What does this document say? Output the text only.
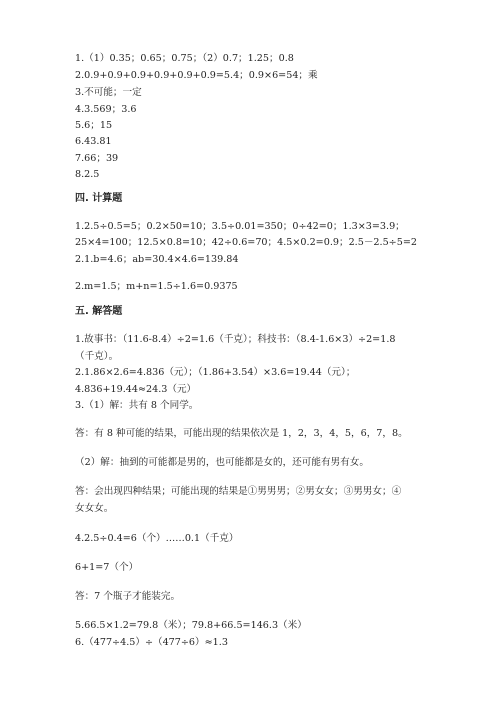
1.（1）0.35；0.65；0.75；（2）0.7；1.25；0.8

2.0.9+0.9+0.9+0.9+0.9+0.9=5.4；0.9×6=54；乘

3.不可能；一定

4.3.569；3.6

5.6；15

6.43.81

7.66；39

8.2.5

四. 计算题

1.2.5÷0.5=5；0.2×50=10；3.5÷0.01=350；0÷42=0；1.3×3=3.9；

25×4=100；12.5×0.8=10；42÷0.6=70；4.5×0.2=0.9；2.5－2.5÷5=2

2.1.b=4.6；ab=30.4×4.6=139.84

2.m=1.5；m+n=1.5÷1.6=0.9375

五. 解答题

1.故事书：（11.6-8.4）÷2=1.6（千克）；科技书：（8.4-1.6×3）÷2=1.8

（千克）。

2.1.86×2.6=4.836（元）；（1.86+3.54）×3.6=19.44（元）；

4.836+19.44≈24.3（元）

3.（1）解：共有 8 个同学。

答：有 8 种可能的结果，可能出现的结果依次是 1，2，3，4，5，6，7，8。

（2）解：抽到的可能都是男的，也可能都是女的，还可能有男有女。

答：会出现四种结果；可能出现的结果是①男男男；②男女女；③男男女；④

女女女。

4.2.5÷0.4=6（个）……0.1（千克）

6+1=7（个）

答：7 个瓶子才能装完。

5.66.5×1.2=79.8（米）；79.8+66.5=146.3（米）

6.（477÷4.5）÷（477÷6）≈1.3
